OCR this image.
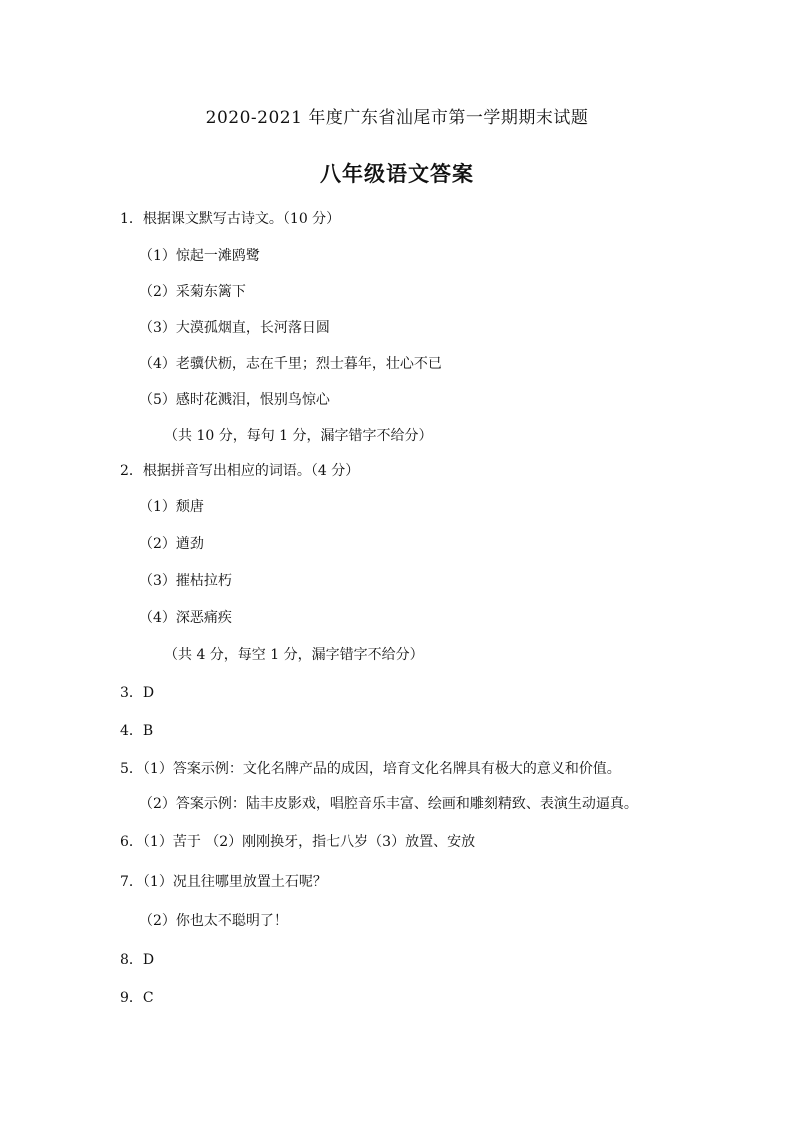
2020-2021 年度广东省汕尾市第一学期期末试题
八年级语文答案
1．根据课文默写古诗文。（10 分）
（1）惊起一滩鸥鹭
（2）采菊东篱下
（3）大漠孤烟直，长河落日圆
（4）老骥伏枥，志在千里；烈士暮年，壮心不已
（5）感时花溅泪，恨别鸟惊心
（共 10 分，每句 1 分，漏字错字不给分）
2．根据拼音写出相应的词语。（4 分）
（1）颓唐
（2）遒劲
（3）摧枯拉朽
（4）深恶痛疾
（共 4 分，每空 1 分，漏字错字不给分）
3．D
4．B
5．（1）答案示例：文化名牌产品的成因，培育文化名牌具有极大的意义和价值。
（2）答案示例：陆丰皮影戏，唱腔音乐丰富、绘画和雕刻精致、表演生动逼真。
6．（1）苦于 （2）刚刚换牙，指七八岁（3）放置、安放
7．（1）况且往哪里放置土石呢？
（2）你也太不聪明了！
8．D
9．C
